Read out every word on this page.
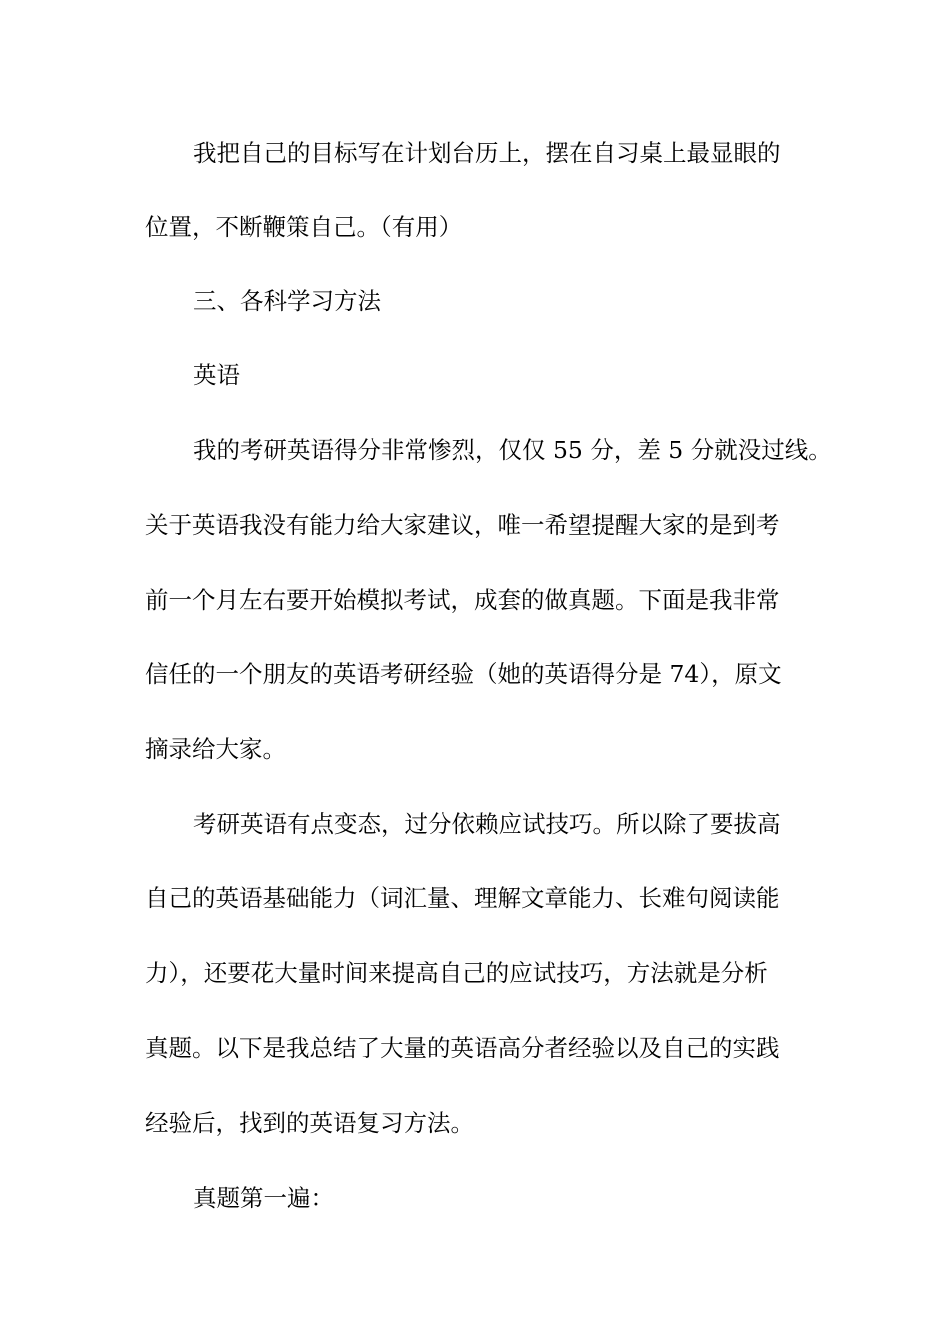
我把自己的目标写在计划台历上，摆在自习桌上最显眼的
位置，不断鞭策自己。（有用）
三、各科学习方法
英语
我的考研英语得分非常惨烈，仅仅 55 分，差 5 分就没过线。
关于英语我没有能力给大家建议，唯一希望提醒大家的是到考
前一个月左右要开始模拟考试，成套的做真题。下面是我非常
信任的一个朋友的英语考研经验（她的英语得分是 74），原文
摘录给大家。
考研英语有点变态，过分依赖应试技巧。所以除了要拔高
自己的英语基础能力（词汇量、理解文章能力、长难句阅读能
力），还要花大量时间来提高自己的应试技巧，方法就是分析
真题。以下是我总结了大量的英语高分者经验以及自己的实践
经验后，找到的英语复习方法。
真题第一遍：
